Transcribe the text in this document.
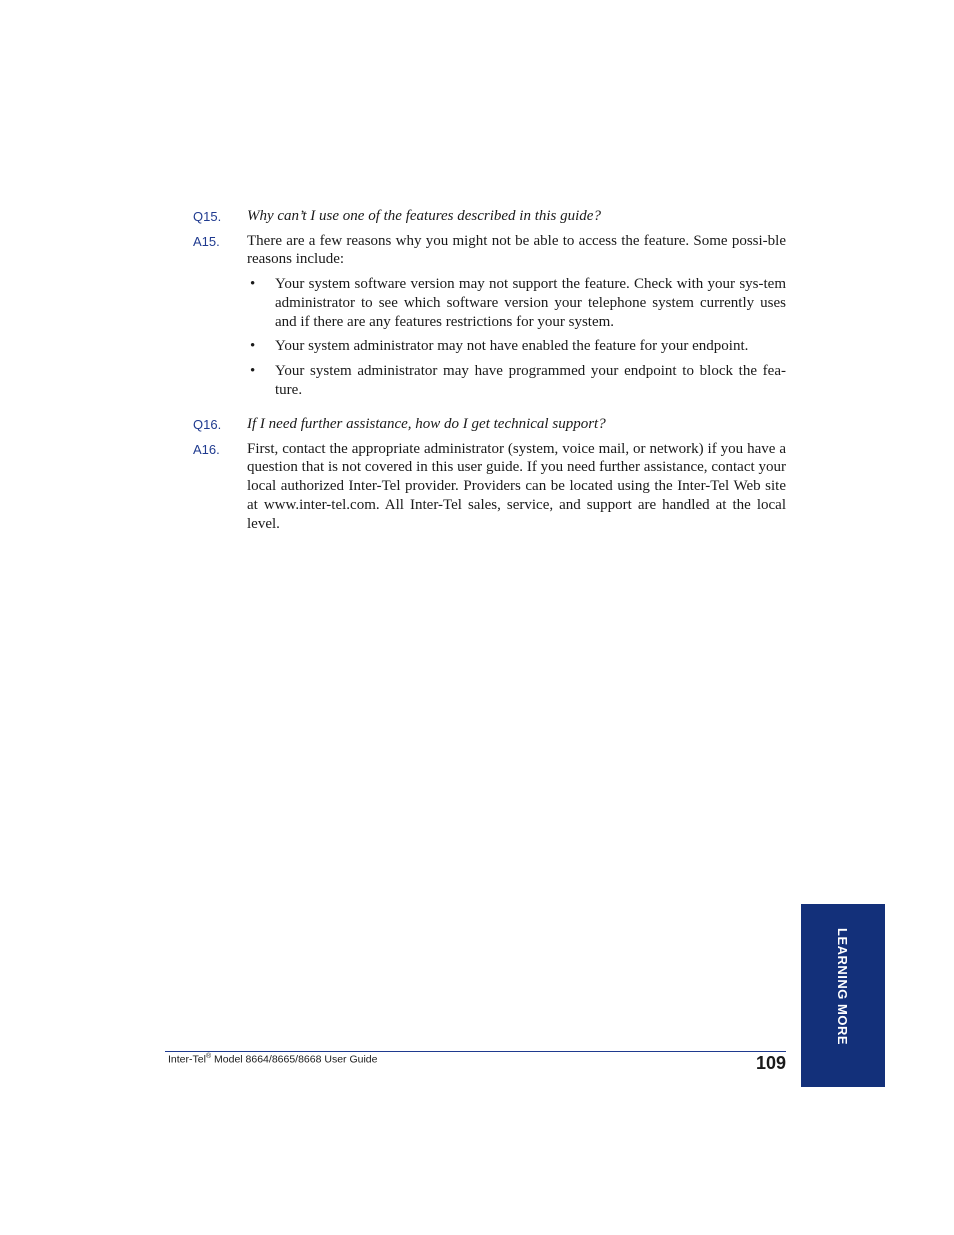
Q15.	Why can’t I use one of the features described in this guide?
A15.	There are a few reasons why you might not be able to access the feature. Some possi-ble reasons include:
• Your system software version may not support the feature. Check with your sys-tem administrator to see which software version your telephone system currently uses and if there are any features restrictions for your system.
• Your system administrator may not have enabled the feature for your endpoint.
• Your system administrator may have programmed your endpoint to block the fea-ture.
Q16.	If I need further assistance, how do I get technical support?
A16.	First, contact the appropriate administrator (system, voice mail, or network) if you have a question that is not covered in this user guide. If you need further assistance, contact your local authorized Inter-Tel provider. Providers can be located using the Inter-Tel Web site at www.inter-tel.com. All Inter-Tel sales, service, and support are handled at the local level.
Inter-Tel® Model 8664/8665/8668 User Guide	109
LEARNING MORE
